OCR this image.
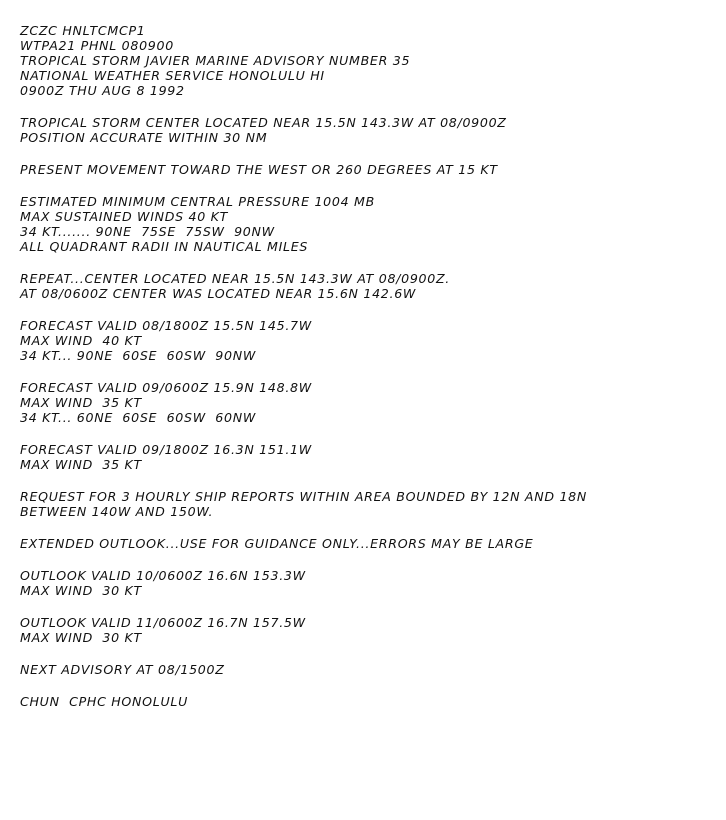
ZCZC HNLTCMCP1
WTPA21 PHNL 080900
TROPICAL STORM JAVIER MARINE ADVISORY NUMBER 35
NATIONAL WEATHER SERVICE HONOLULU HI
0900Z THU AUG 8 1992
TROPICAL STORM CENTER LOCATED NEAR 15.5N 143.3W AT 08/0900Z
POSITION ACCURATE WITHIN 30 NM
PRESENT MOVEMENT TOWARD THE WEST OR 260 DEGREES AT 15 KT
ESTIMATED MINIMUM CENTRAL PRESSURE 1004 MB
MAX SUSTAINED WINDS 40 KT
34 KT....... 90NE  75SE  75SW  90NW
ALL QUADRANT RADII IN NAUTICAL MILES
REPEAT...CENTER LOCATED NEAR 15.5N 143.3W AT 08/0900Z.
AT 08/0600Z CENTER WAS LOCATED NEAR 15.6N 142.6W
FORECAST VALID 08/1800Z 15.5N 145.7W
MAX WIND  40 KT
34 KT... 90NE  60SE  60SW  90NW
FORECAST VALID 09/0600Z 15.9N 148.8W
MAX WIND  35 KT
34 KT... 60NE  60SE  60SW  60NW
FORECAST VALID 09/1800Z 16.3N 151.1W
MAX WIND  35 KT
REQUEST FOR 3 HOURLY SHIP REPORTS WITHIN AREA BOUNDED BY 12N AND 18N
BETWEEN 140W AND 150W.
EXTENDED OUTLOOK...USE FOR GUIDANCE ONLY...ERRORS MAY BE LARGE
OUTLOOK VALID 10/0600Z 16.6N 153.3W
MAX WIND  30 KT
OUTLOOK VALID 11/0600Z 16.7N 157.5W
MAX WIND  30 KT
NEXT ADVISORY AT 08/1500Z
CHUN  CPHC HONOLULU
